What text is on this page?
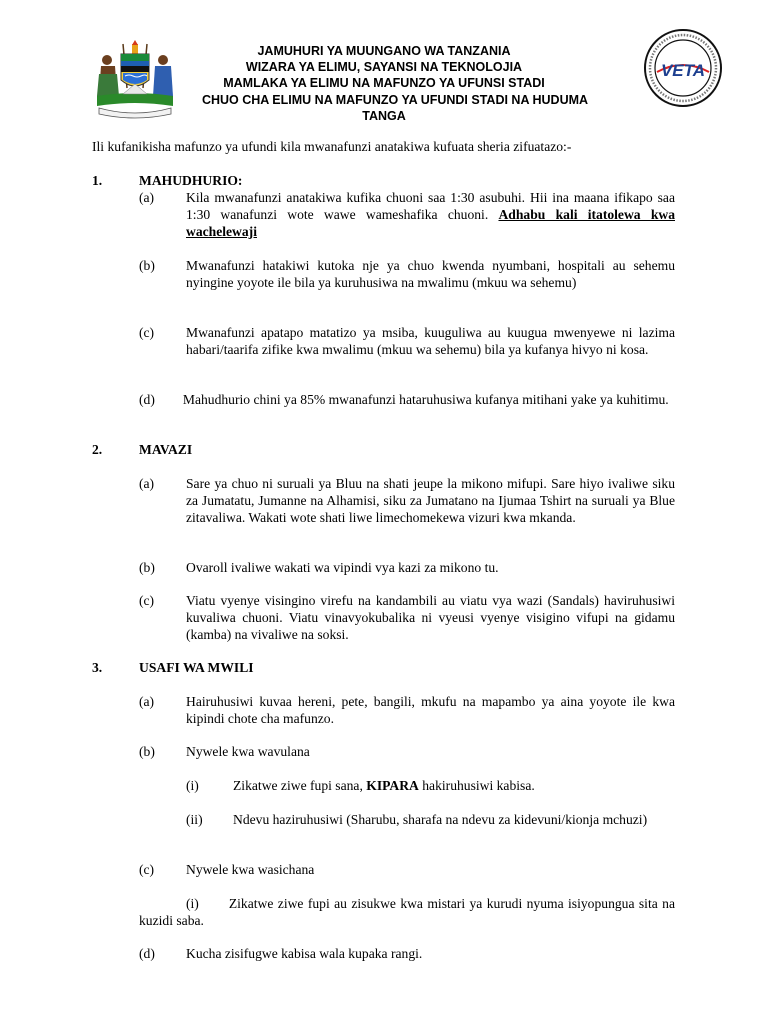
VETA
JAMUHURI YA MUUNGANO WA TANZANIA
WIZARA YA ELIMU, SAYANSI NA TEKNOLOJIA
MAMLAKA YA ELIMU NA MAFUNZO YA UFUNSI STADI
CHUO CHA ELIMU NA MAFUNZO YA UFUNDI STADI NA HUDUMA
TANGA
Ili kufanikisha mafunzo ya ufundi kila mwanafunzi anatakiwa kufuata sheria zifuatazo:-
1.	MAHUDHURIO:
(a) Kila mwanafunzi anatakiwa kufika chuoni saa 1:30 asubuhi. Hii ina maana ifikapo saa 1:30 wanafunzi wote wawe wameshafika chuoni. Adhabu kali itatolewa kwa wachelewaji
(b) Mwanafunzi hatakiwi kutoka nje ya chuo kwenda nyumbani, hospitali au sehemu nyingine yoyote ile bila ya kuruhusiwa na mwalimu (mkuu wa sehemu)
(c) Mwanafunzi apatapo matatizo ya msiba, kuuguliwa au kuugua mwenyewe ni lazima habari/taarifa zifike kwa mwalimu (mkuu wa sehemu) bila ya kufanya hivyo ni kosa.
(d) Mahudhurio chini ya 85% mwanafunzi hataruhusiwa kufanya mitihani yake ya kuhitimu.
2.	MAVAZI
(a) Sare ya chuo ni suruali ya Bluu na shati jeupe la mikono mifupi. Sare hiyo ivaliwe siku za Jumatatu, Jumanne na Alhamisi, siku za Jumatano na Ijumaa Tshirt na suruali ya Blue zitavaliwa. Wakati wote shati liwe limechomekewa vizuri kwa mkanda.
(b) Ovaroll ivaliwe wakati wa vipindi vya kazi za mikono tu.
(c) Viatu vyenye visingino virefu na kandambili au viatu vya wazi (Sandals) haviruhusiwi kuvaliwa chuoni. Viatu vinavyokubalika ni vyeusi vyenye visigino vifupi na gidamu (kamba) na vivaliwe na soksi.
3.	USAFI WA MWILI
(a) Hairuhusiwi kuvaa hereni, pete, bangili, mkufu na mapambo ya aina yoyote ile kwa kipindi chote cha mafunzo.
(b) Nywele kwa wavulana
(i)	Zikatwe ziwe fupi sana, KIPARA hakiruhusiwi kabisa.
(ii) Ndevu haziruhusiwi (Sharubu, sharafa na ndevu za kidevuni/kionja mchuzi)
(c) Nywele kwa wasichana
(i) Zikatwe ziwe fupi au zisukwe kwa mistari ya kurudi nyuma isiyopungua sita na kuzidi saba.
(d) Kucha zisifugwe kabisa wala kupaka rangi.
